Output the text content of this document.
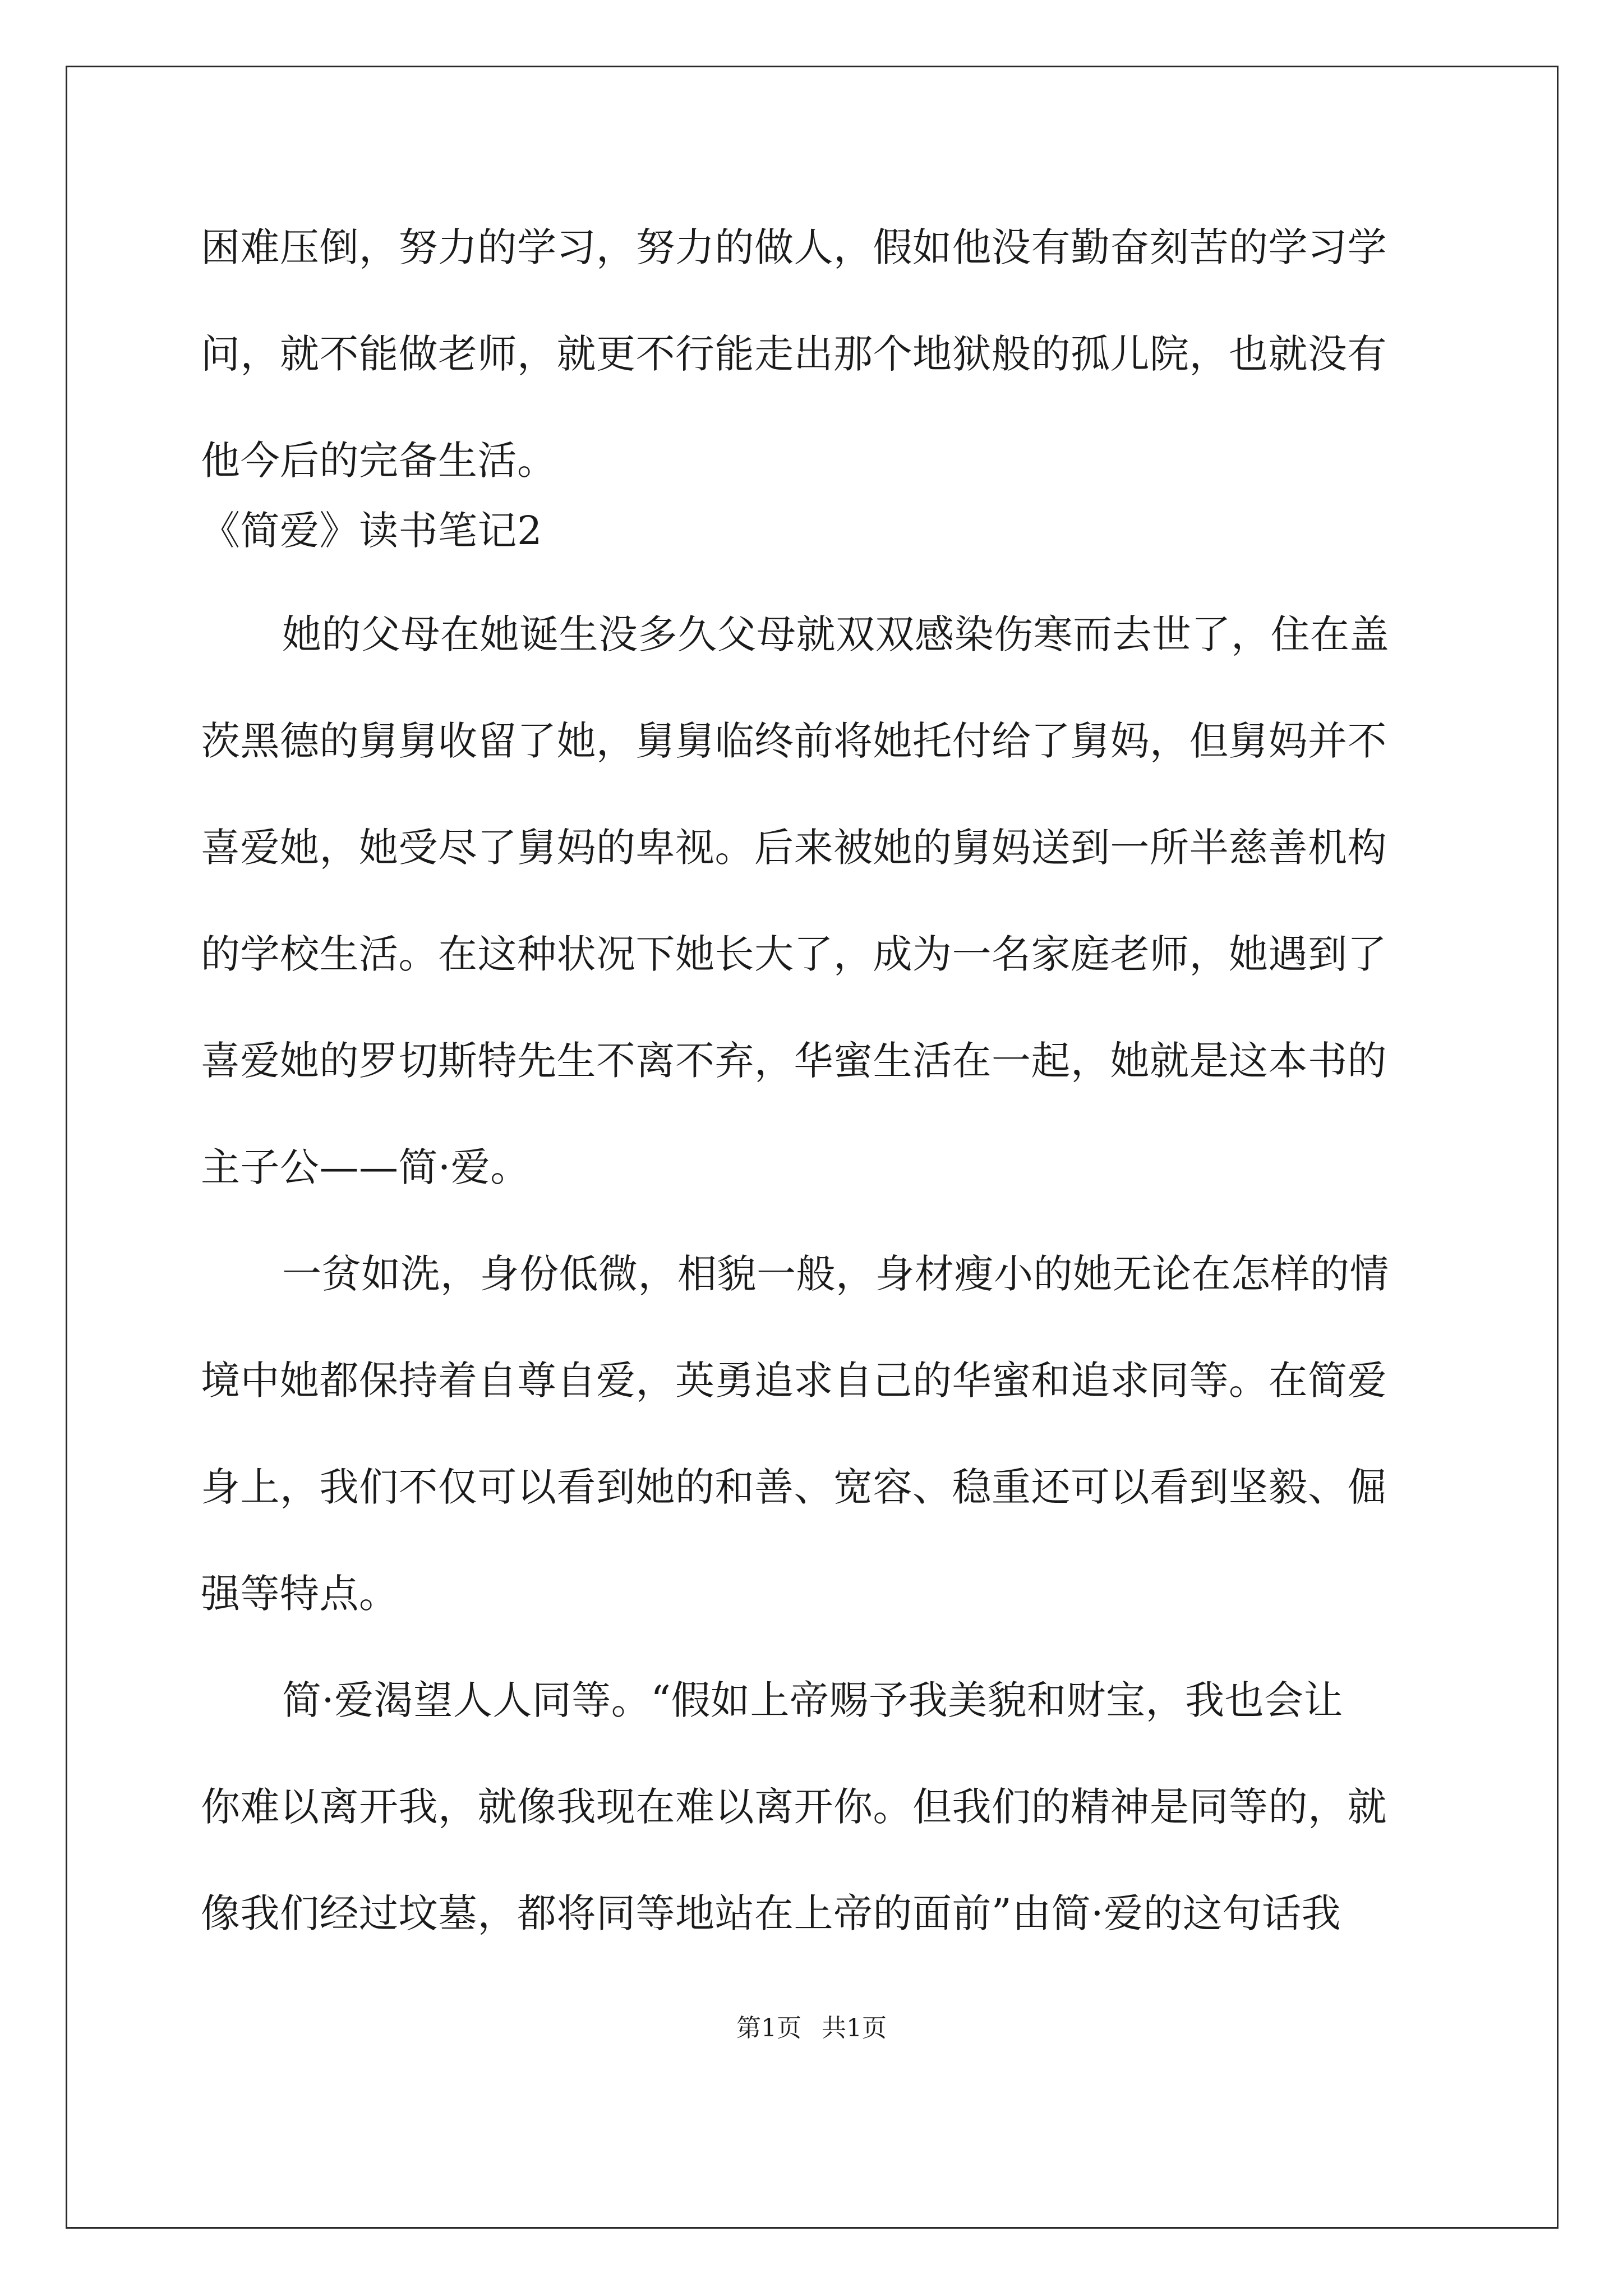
困难压倒，努力的学习，努力的做人，假如他没有勤奋刻苦的学习学
问，就不能做老师，就更不行能走出那个地狱般的孤儿院，也就没有
他今后的完备生活。
《简爱》读书笔记2
她的父母在她诞生没多久父母就双双感染伤寒而去世了，住在盖
茨黑德的舅舅收留了她，舅舅临终前将她托付给了舅妈，但舅妈并不
喜爱她，她受尽了舅妈的卑视。后来被她的舅妈送到一所半慈善机构
的学校生活。在这种状况下她长大了，成为一名家庭老师，她遇到了
喜爱她的罗切斯特先生不离不弃，华蜜生活在一起，她就是这本书的
主子公——简·爱。
一贫如洗，身份低微，相貌一般，身材瘦小的她无论在怎样的情
境中她都保持着自尊自爱，英勇追求自己的华蜜和追求同等。在简爱
身上，我们不仅可以看到她的和善、宽容、稳重还可以看到坚毅、倔
强等特点。
简·爱渴望人人同等。“假如上帝赐予我美貌和财宝，我也会让
你难以离开我，就像我现在难以离开你。但我们的精神是同等的，就
像我们经过坟墓，都将同等地站在上帝的面前”由简·爱的这句话我
第1页 共1页
